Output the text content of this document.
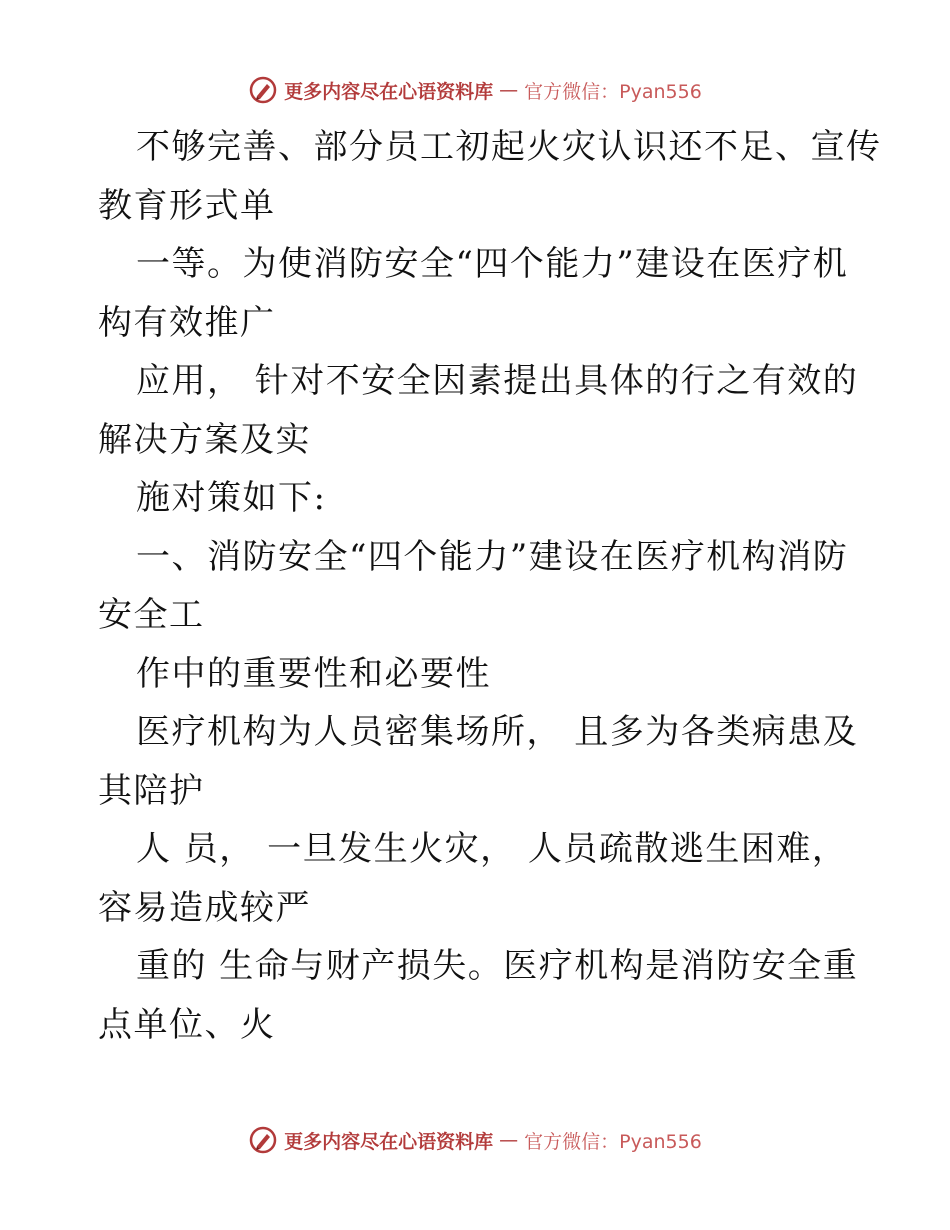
更多内容尽在心语资料库 — 官方微信：Pyan556
不够完善、部分员工初起火灾认识还不足、宣传
教育形式单
一等。为使消防安全“四个能力”建设在医疗机
构有效推广
应用， 针对不安全因素提出具体的行之有效的
解决方案及实
施对策如下:
一、消防安全“四个能力”建设在医疗机构消防
安全工
作中的重要性和必要性
医疗机构为人员密集场所， 且多为各类病患及
其陪护
人 员， 一旦发生火灾， 人员疏散逃生困难，
容易造成较严
重的 生命与财产损失。医疗机构是消防安全重
点单位、火
更多内容尽在心语资料库 — 官方微信：Pyan556
